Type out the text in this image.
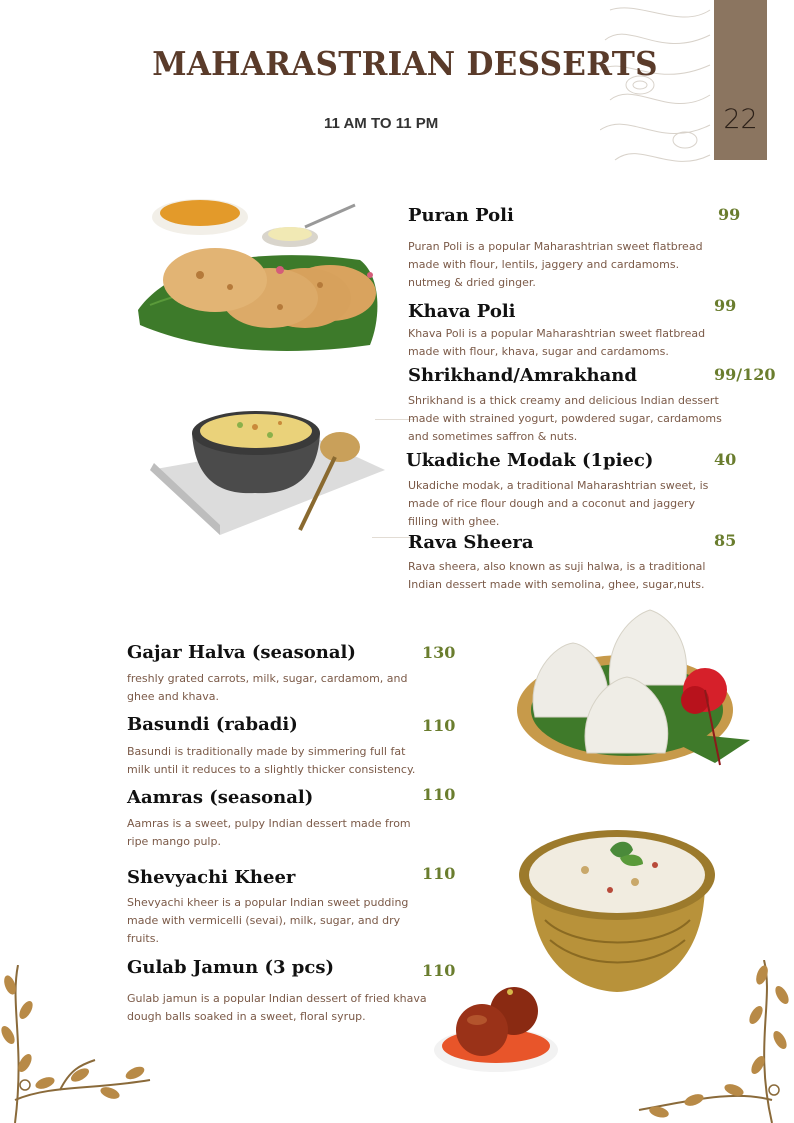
22
MAHARASTRIAN DESSERTS
11 AM TO 11 PM
Puran Poli	99
Puran Poli is a popular Maharashtrian sweet flatbread made with flour, lentils, jaggery and cardamoms. nutmeg & dried ginger.
Khava Poli	99
Khava Poli is a popular Maharashtrian sweet flatbread made with flour, khava, sugar and cardamoms.
Shrikhand/Amrakhand	99/120
Shrikhand is a thick creamy and delicious Indian dessert made with strained yogurt, powdered sugar, cardamoms and sometimes saffron & nuts.
Ukadiche Modak (1piec)	40
Ukadiche modak, a traditional Maharashtrian sweet, is made of rice flour dough and a coconut and jaggery filling with ghee.
Rava Sheera	85
Rava sheera, also known as suji halwa, is a traditional Indian dessert made with semolina, ghee, sugar,nuts.
Gajar Halva (seasonal)	130
freshly grated carrots, milk, sugar, cardamom, and ghee and khava.
Basundi (rabadi)	110
Basundi is traditionally made by simmering full fat milk until it reduces to a slightly thicker consistency.
Aamras (seasonal)	110
Aamras is a sweet, pulpy Indian dessert made from ripe mango pulp.
Shevyachi Kheer	110
Shevyachi kheer is a popular Indian sweet pudding made with vermicelli (sevai), milk, sugar, and dry fruits.
Gulab Jamun (3 pcs)	110
Gulab jamun is a popular Indian dessert of fried khava dough balls soaked in a sweet, floral syrup.
